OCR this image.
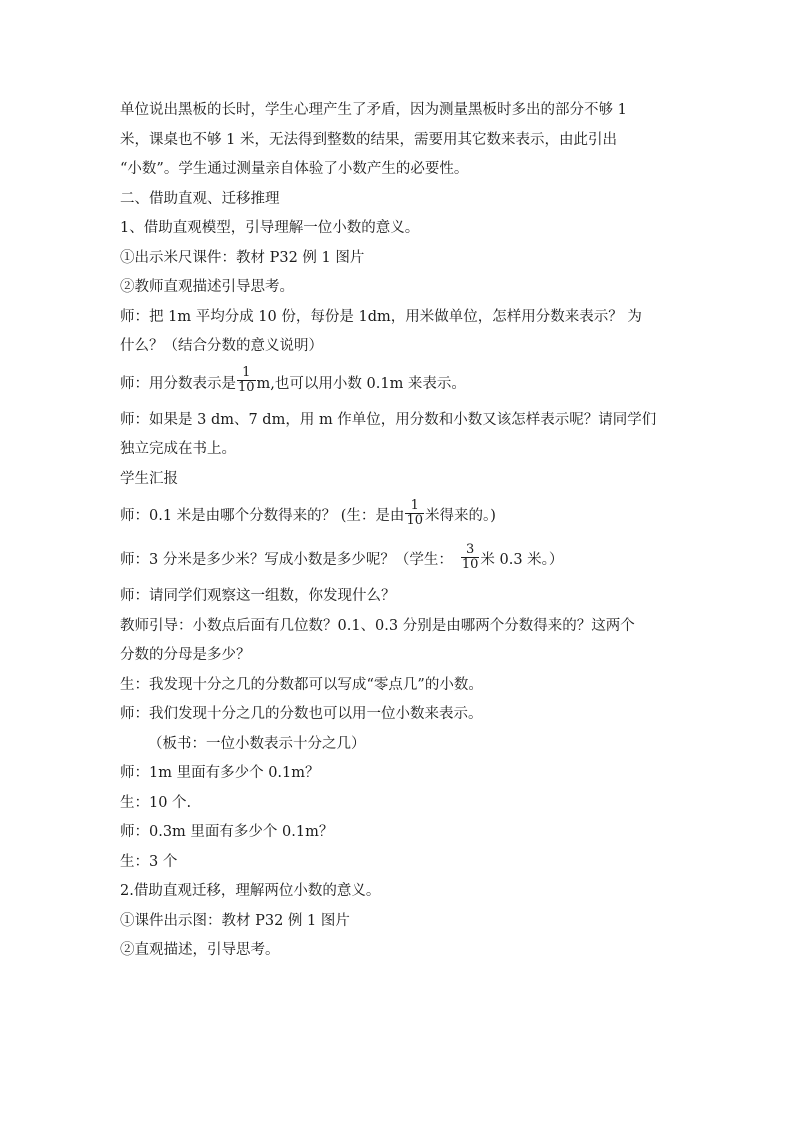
单位说出黑板的长时，学生心理产生了矛盾，因为测量黑板时多出的部分不够 1

米，课桌也不够 1 米，无法得到整数的结果，需要用其它数来表示，由此引出

“小数”。学生通过测量亲自体验了小数产生的必要性。

二、借助直观、迁移推理

1、借助直观模型，引导理解一位小数的意义。

①出示米尺课件：教材 P32 例 1 图片

②教师直观描述引导思考。

师：把 1m 平均分成 10 份，每份是 1dm，用米做单位，怎样用分数来表示？ 为

什么？（结合分数的意义说明）

师：用分数表示是 $\frac{1}{10} m$,也可以用小数 0.1m 来表示。

师：如果是 3 dm、7 dm，用 m 作单位，用分数和小数又该怎样表示呢？请同学们

独立完成在书上。

学生汇报

师：0.1 米是由哪个分数得来的？ (生：是由 $\frac{1}{10}$ 米得来的。)

师：3 分米是多少米？写成小数是多少呢？（学生： $\frac{3}{10}$ 米 0.3 米。）

师：请同学们观察这一组数，你发现什么？

教师引导：小数点后面有几位数？0.1、0.3 分别是由哪两个分数得来的？这两个

分数的分母是多少？

生：我发现十分之几的分数都可以写成“零点几”的小数。

师：我们发现十分之几的分数也可以用一位小数来表示。

（板书：一位小数表示十分之几）

师：1m 里面有多少个 0.1m？

生：10 个.

师：0.3m 里面有多少个 0.1m？

生：3 个

2.借助直观迁移，理解两位小数的意义。

①课件出示图：教材 P32 例 1 图片

②直观描述，引导思考。
